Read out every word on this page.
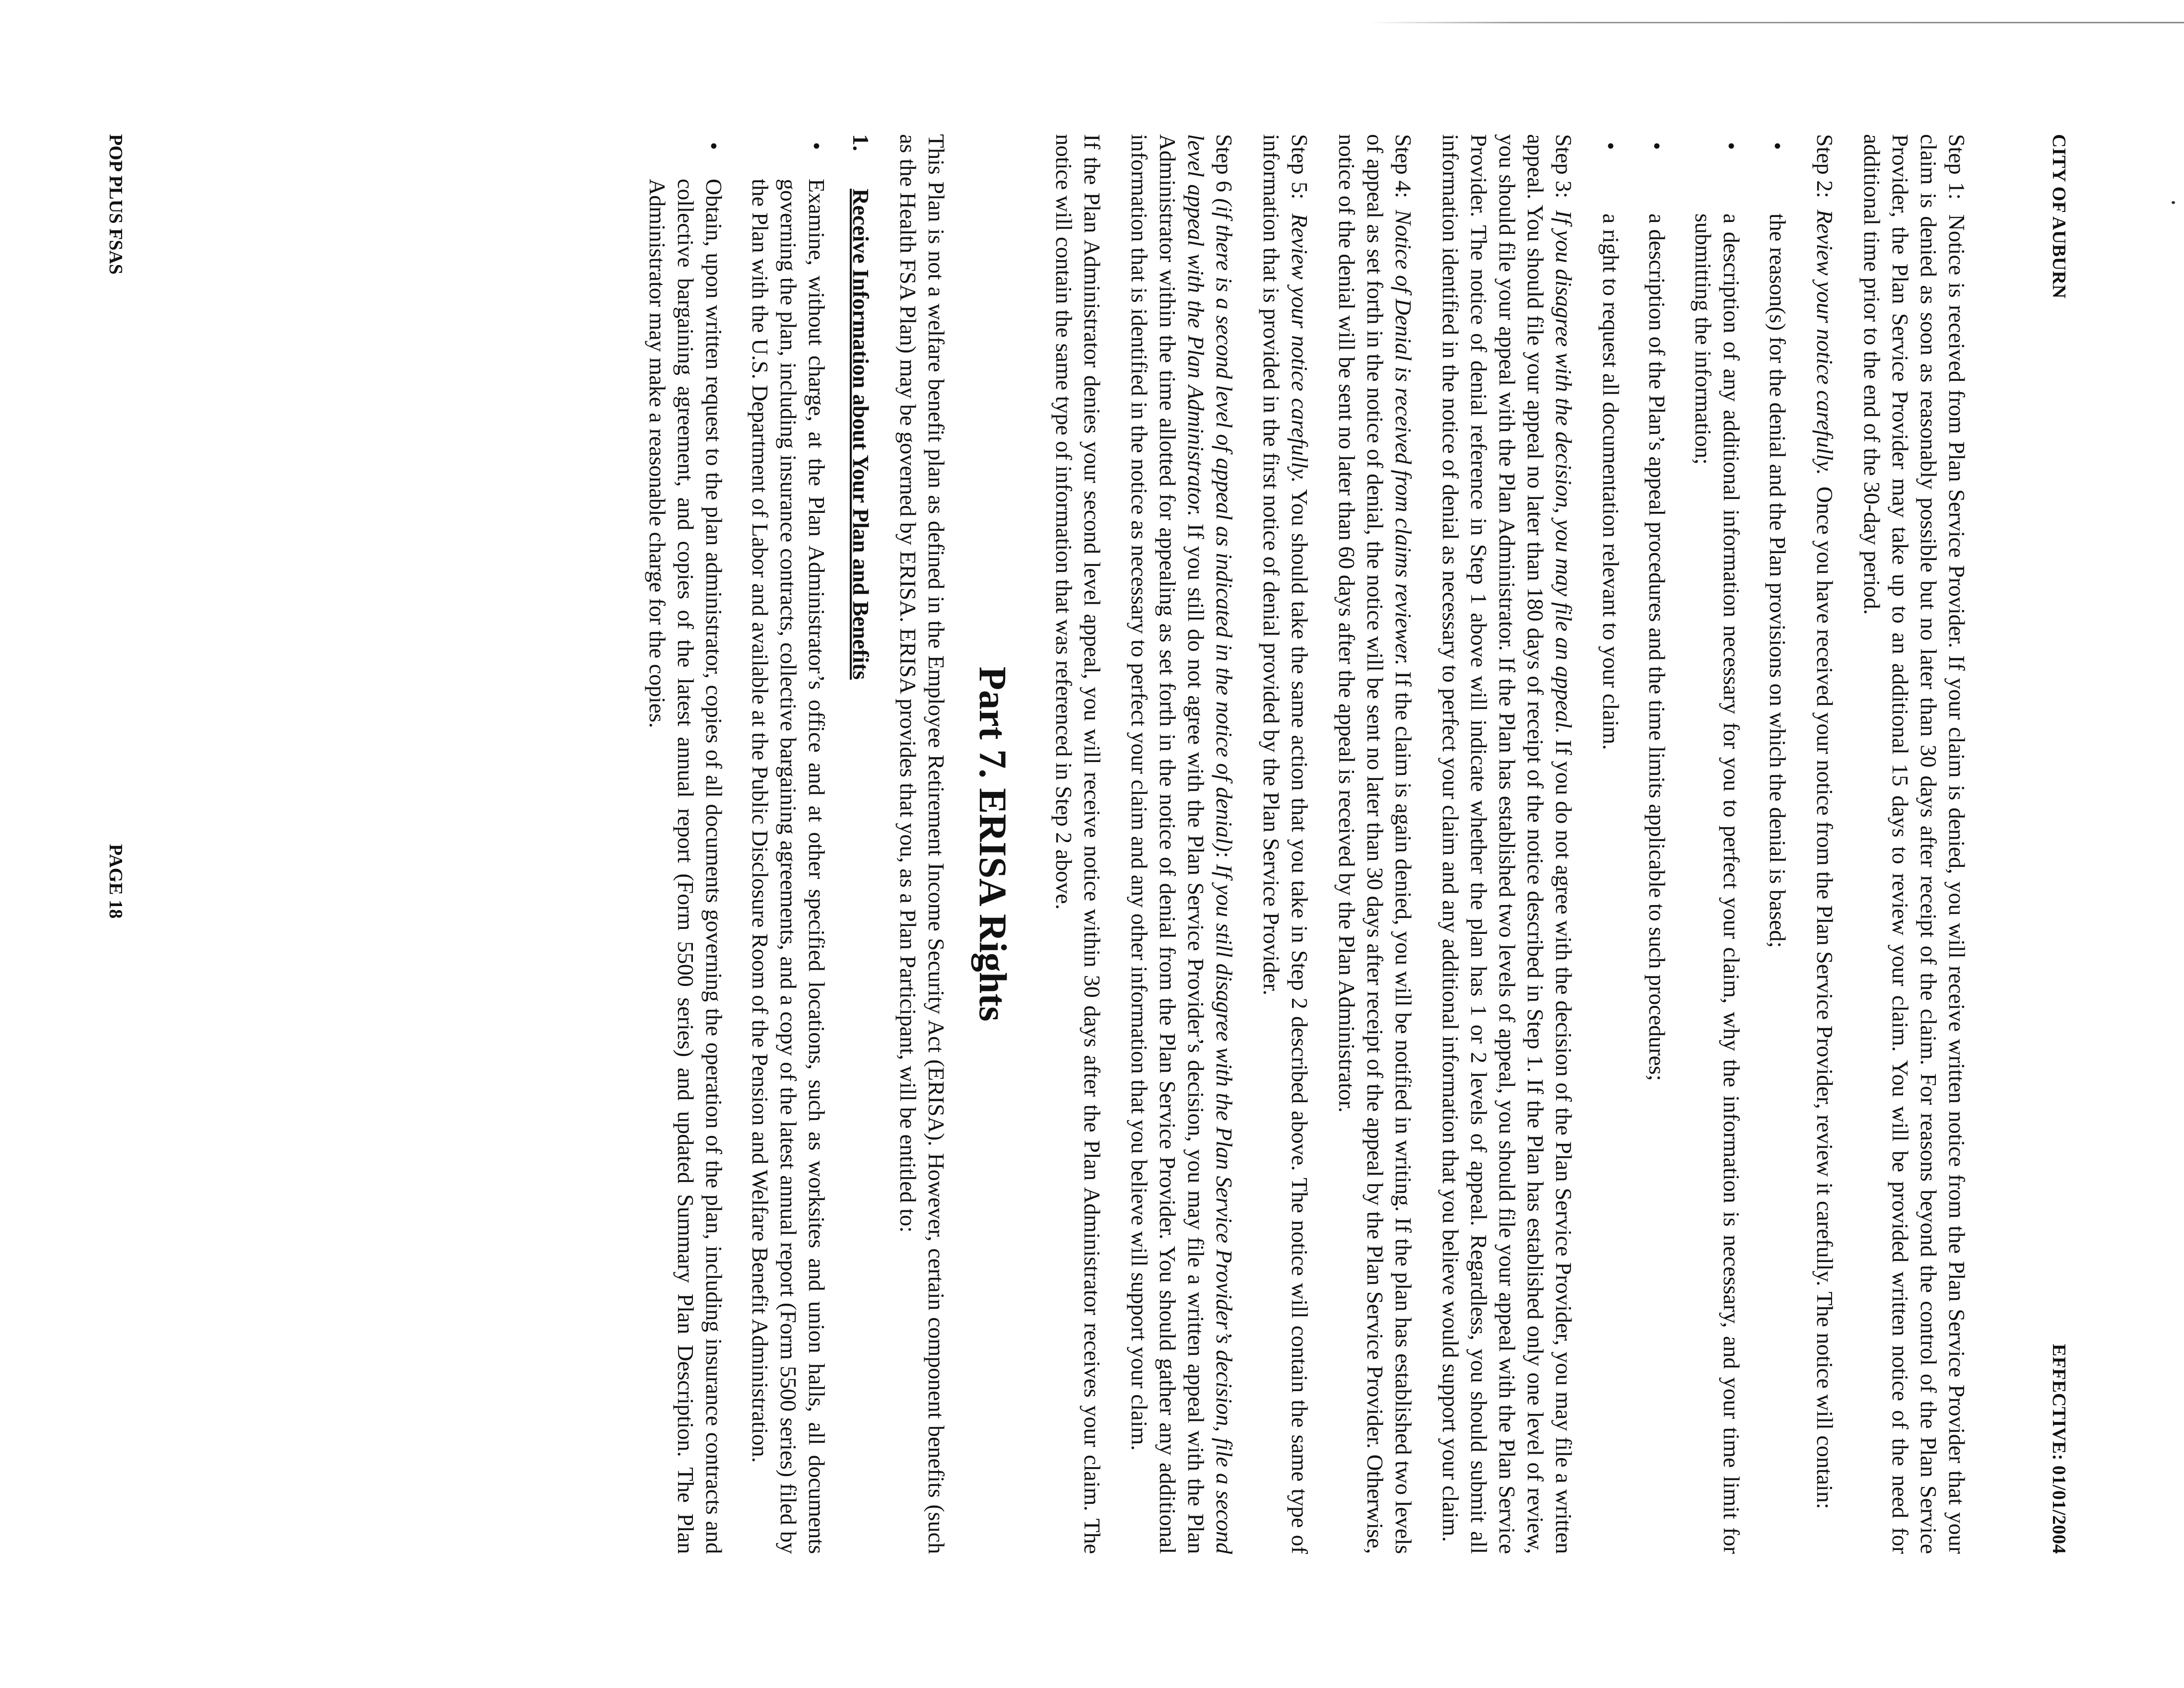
CITY OF AUBURN
EFFECTIVE: 01/01/2004

Step 1:  Notice is received from Plan Service Provider. If your claim is denied, you will receive written notice from the Plan Service Provider that your claim is denied as soon as reasonably possible but no later than 30 days after receipt of the claim. For reasons beyond the control of the Plan Service Provider, the Plan Service Provider may take up to an additional 15 days to review your claim. You will be provided written notice of the need for additional time prior to the end of the 30-day period.

Step 2:  Review your notice carefully.  Once you have received your notice from the Plan Service Provider, review it carefully. The notice will contain:

•
the reason(s) for the denial and the Plan provisions on which the denial is based;
•
a description of any additional information necessary for you to perfect your claim, why the information is necessary, and your time limit for submitting the information;
•
a description of the Plan’s appeal procedures and the time limits applicable to such procedures;
•
a right to request all documentation relevant to your claim.

Step 3:  If you disagree with the decision, you may file an appeal. If you do not agree with the decision of the Plan Service Provider, you may file a written appeal. You should file your appeal no later than 180 days of receipt of the notice described in Step 1. If the Plan has established only one level of review, you should file your appeal with the Plan Administrator. If the Plan has established two levels of appeal, you should file your appeal with the Plan Service Provider. The notice of denial reference in Step 1 above will indicate whether the plan has 1 or 2 levels of appeal. Regardless, you should submit all information identified in the notice of denial as necessary to perfect your claim and any additional information that you believe would support your claim.

Step 4:  Notice of Denial is received from claims reviewer. If the claim is again denied, you will be notified in writing. If the plan has established two levels of appeal as set forth in the notice of denial, the notice will be sent no later than 30 days after receipt of the appeal by the Plan Service Provider. Otherwise, notice of the denial will be sent no later than 60 days after the appeal is received by the Plan Administrator.

Step 5:  Review your notice carefully. You should take the same action that you take in Step 2 described above. The notice will contain the same type of information that is provided in the first notice of denial provided by the Plan Service Provider.

Step 6 (if there is a second level of appeal as indicated in the notice of denial): If you still disagree with the Plan Service Provider’s decision, file a second level appeal with the Plan Administrator. If you still do not agree with the Plan Service Provider’s decision, you may file a written appeal with the Plan Administrator within the time allotted for appealing as set forth in the notice of denial from the Plan Service Provider. You should gather any additional information that is identified in the notice as necessary to perfect your claim and any other information that you believe will support your claim.

If the Plan Administrator denies your second level appeal, you will receive notice within 30 days after the Plan Administrator receives your claim. The notice will contain the same type of information that was referenced in Step 2 above.

Part 7. ERISA Rights

This Plan is not a welfare benefit plan as defined in the Employee Retirement Income Security Act (ERISA). However, certain component benefits (such as the Health FSA Plan) may be governed by ERISA. ERISA provides that you, as a Plan Participant, will be entitled to:

1.
Receive Information about Your Plan and Benefits
•
Examine, without charge, at the Plan Administrator’s office and at other specified locations, such as worksites and union halls, all documents governing the plan, including insurance contracts, collective bargaining agreements, and a copy of the latest annual report (Form 5500 series) filed by the Plan with the U.S. Department of Labor and available at the Public Disclosure Room of the Pension and Welfare Benefit Administration.
•
Obtain, upon written request to the plan administrator, copies of all documents governing the operation of the plan, including insurance contracts and collective bargaining agreement, and copies of the latest annual report (Form 5500 series) and updated Summary Plan Description. The Plan Administrator may make a reasonable charge for the copies.
POP PLUS FSAS
PAGE 18
